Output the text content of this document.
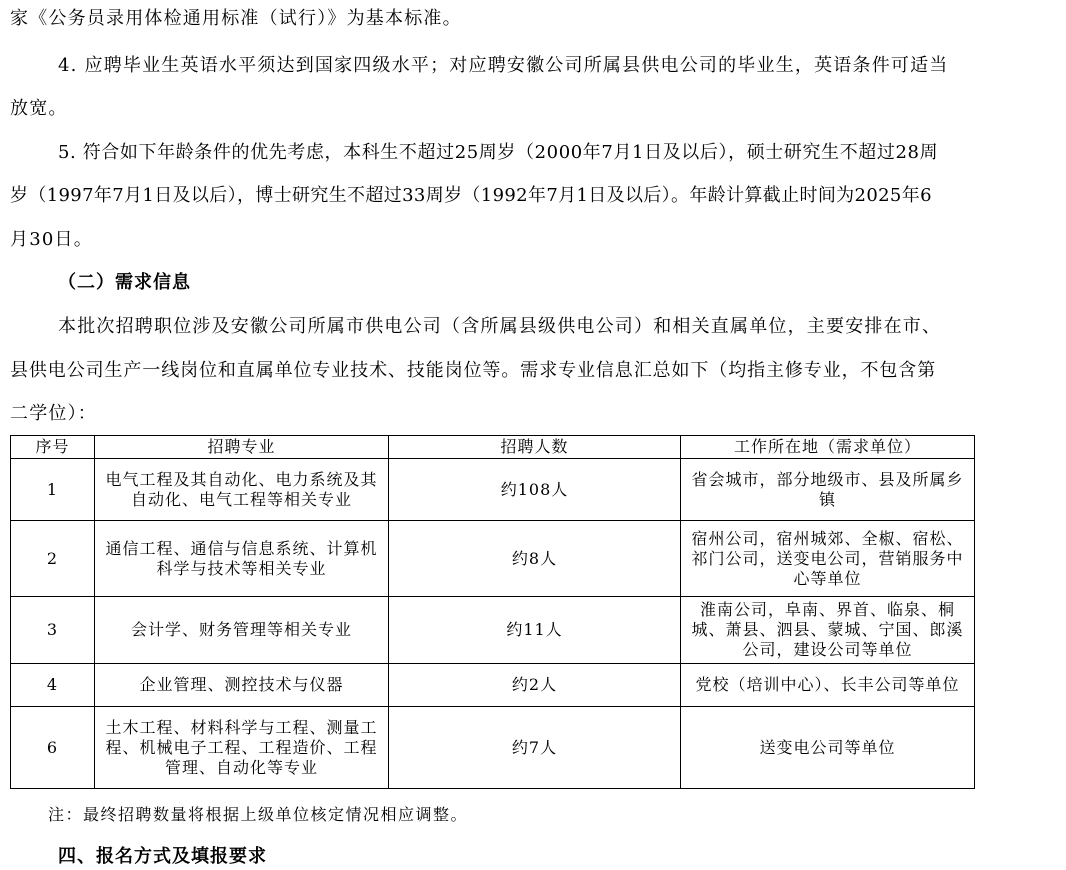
家《公务员录用体检通用标准（试行）》为基本标准。
4. 应聘毕业生英语水平须达到国家四级水平；对应聘安徽公司所属县供电公司的毕业生，英语条件可适当
放宽。
5. 符合如下年龄条件的优先考虑，本科生不超过25周岁（2000年7月1日及以后），硕士研究生不超过28周
岁（1997年7月1日及以后），博士研究生不超过33周岁（1992年7月1日及以后）。年龄计算截止时间为2025年6
月30日。
（二）需求信息
本批次招聘职位涉及安徽公司所属市供电公司（含所属县级供电公司）和相关直属单位，主要安排在市、
县供电公司生产一线岗位和直属单位专业技术、技能岗位等。需求专业信息汇总如下（均指主修专业，不包含第
二学位）：
序号	招聘专业	招聘人数	工作所在地（需求单位）
1	电气工程及其自动化、电力系统及其自动化、电气工程等相关专业	约108人	省会城市，部分地级市、县及所属乡镇
2	通信工程、通信与信息系统、计算机科学与技术等相关专业	约8人	宿州公司，宿州城郊、全椒、宿松、祁门公司，送变电公司，营销服务中心等单位
3	会计学、财务管理等相关专业	约11人	淮南公司，阜南、界首、临泉、桐城、萧县、泗县、蒙城、宁国、郎溪公司，建设公司等单位
4	企业管理、测控技术与仪器	约2人	党校（培训中心）、长丰公司等单位
6	土木工程、材料科学与工程、测量工程、机械电子工程、工程造价、工程管理、自动化等专业	约7人	送变电公司等单位
注：最终招聘数量将根据上级单位核定情况相应调整。
四、报名方式及填报要求
